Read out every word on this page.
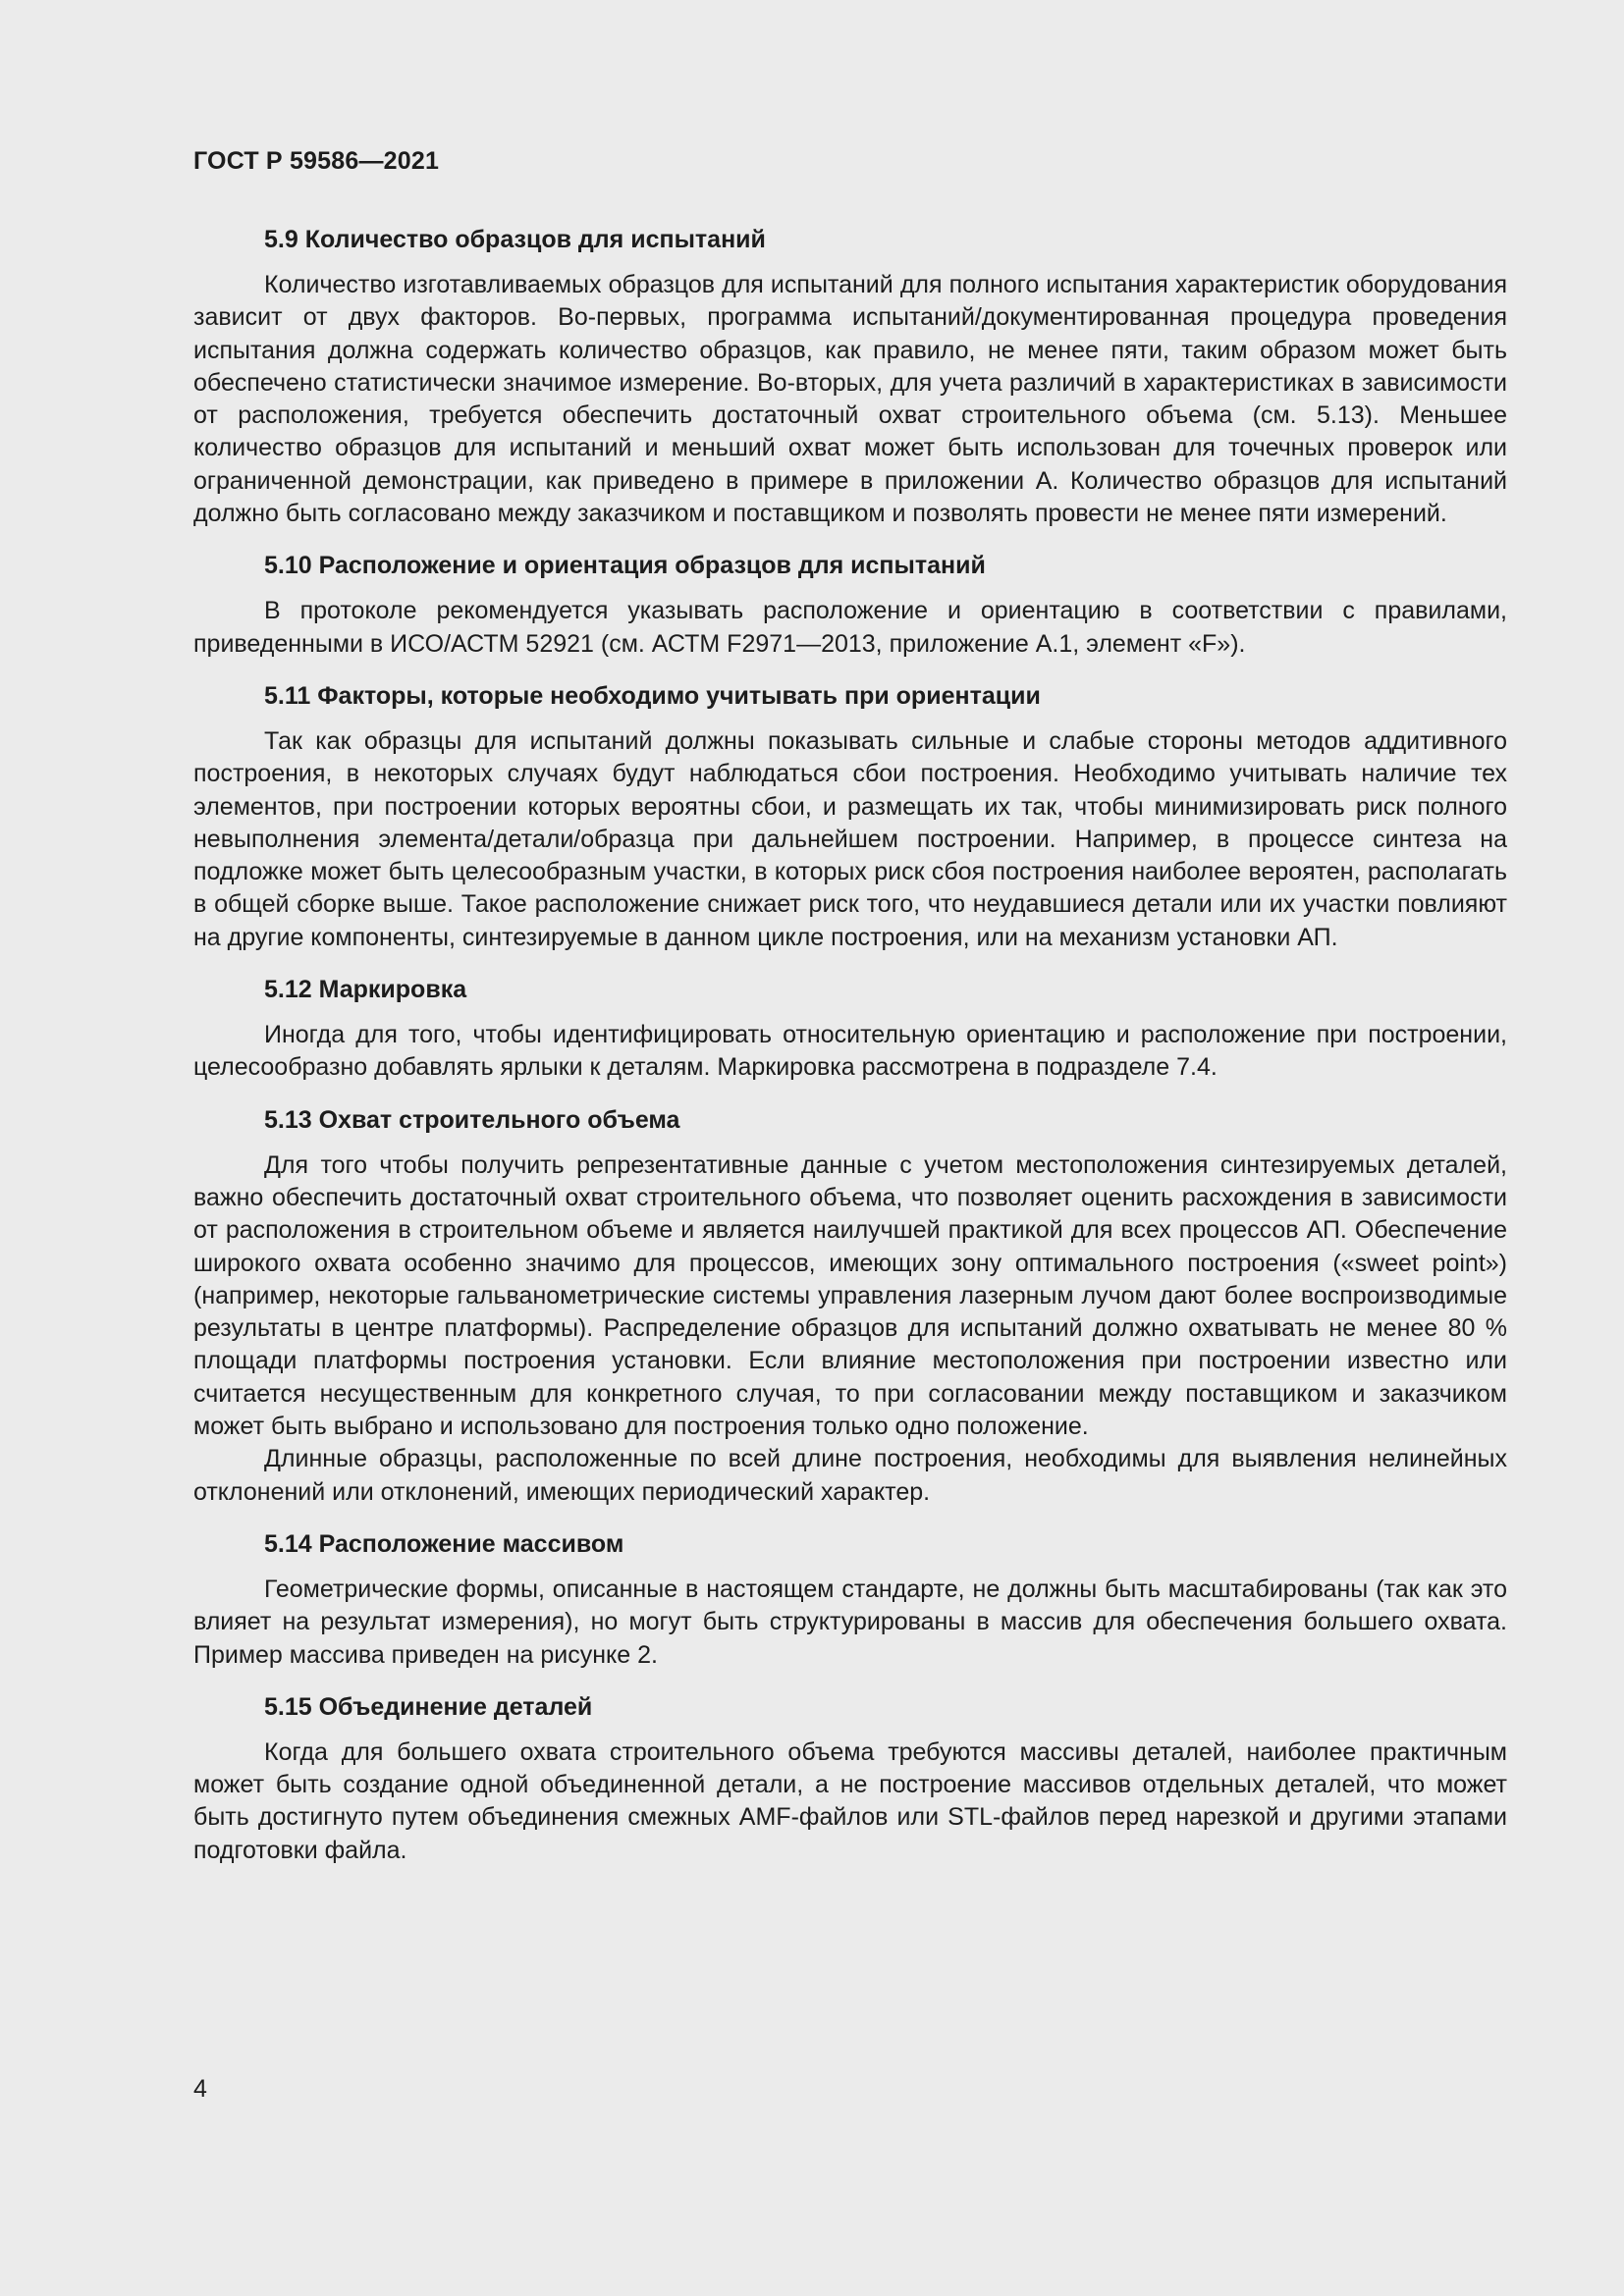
ГОСТ Р 59586—2021
5.9 Количество образцов для испытаний

Количество изготавливаемых образцов для испытаний для полного испытания характеристик оборудования зависит от двух факторов. Во-первых, программа испытаний/документированная процедура проведения испытания должна содержать количество образцов, как правило, не менее пяти, таким образом может быть обеспечено статистически значимое измерение. Во-вторых, для учета различий в характеристиках в зависимости от расположения, требуется обеспечить достаточный охват строительного объема (см. 5.13). Меньшее количество образцов для испытаний и меньший охват может быть использован для точечных проверок или ограниченной демонстрации, как приведено в примере в приложении А. Количество образцов для испытаний должно быть согласовано между заказчиком и поставщиком и позволять провести не менее пяти измерений.

5.10 Расположение и ориентация образцов для испытаний

В протоколе рекомендуется указывать расположение и ориентацию в соответствии с правилами, приведенными в ИСО/АСТМ 52921 (см. АСТМ F2971—2013, приложение А.1, элемент «F»).

5.11 Факторы, которые необходимо учитывать при ориентации

Так как образцы для испытаний должны показывать сильные и слабые стороны методов аддитивного построения, в некоторых случаях будут наблюдаться сбои построения. Необходимо учитывать наличие тех элементов, при построении которых вероятны сбои, и размещать их так, чтобы минимизировать риск полного невыполнения элемента/детали/образца при дальнейшем построении. Например, в процессе синтеза на подложке может быть целесообразным участки, в которых риск сбоя построения наиболее вероятен, располагать в общей сборке выше. Такое расположение снижает риск того, что неудавшиеся детали или их участки повлияют на другие компоненты, синтезируемые в данном цикле построения, или на механизм установки АП.

5.12 Маркировка

Иногда для того, чтобы идентифицировать относительную ориентацию и расположение при построении, целесообразно добавлять ярлыки к деталям. Маркировка рассмотрена в подразделе 7.4.

5.13 Охват строительного объема

Для того чтобы получить репрезентативные данные с учетом местоположения синтезируемых деталей, важно обеспечить достаточный охват строительного объема, что позволяет оценить расхождения в зависимости от расположения в строительном объеме и является наилучшей практикой для всех процессов АП. Обеспечение широкого охвата особенно значимо для процессов, имеющих зону оптимального построения («sweet point») (например, некоторые гальванометрические системы управления лазерным лучом дают более воспроизводимые результаты в центре платформы). Распределение образцов для испытаний должно охватывать не менее 80 % площади платформы построения установки. Если влияние местоположения при построении известно или считается несущественным для конкретного случая, то при согласовании между поставщиком и заказчиком может быть выбрано и использовано для построения только одно положение.

Длинные образцы, расположенные по всей длине построения, необходимы для выявления нелинейных отклонений или отклонений, имеющих периодический характер.

5.14 Расположение массивом

Геометрические формы, описанные в настоящем стандарте, не должны быть масштабированы (так как это влияет на результат измерения), но могут быть структурированы в массив для обеспечения большего охвата. Пример массива приведен на рисунке 2.

5.15 Объединение деталей

Когда для большего охвата строительного объема требуются массивы деталей, наиболее практичным может быть создание одной объединенной детали, а не построение массивов отдельных деталей, что может быть достигнуто путем объединения смежных AMF-файлов или STL-файлов перед нарезкой и другими этапами подготовки файла.

4
